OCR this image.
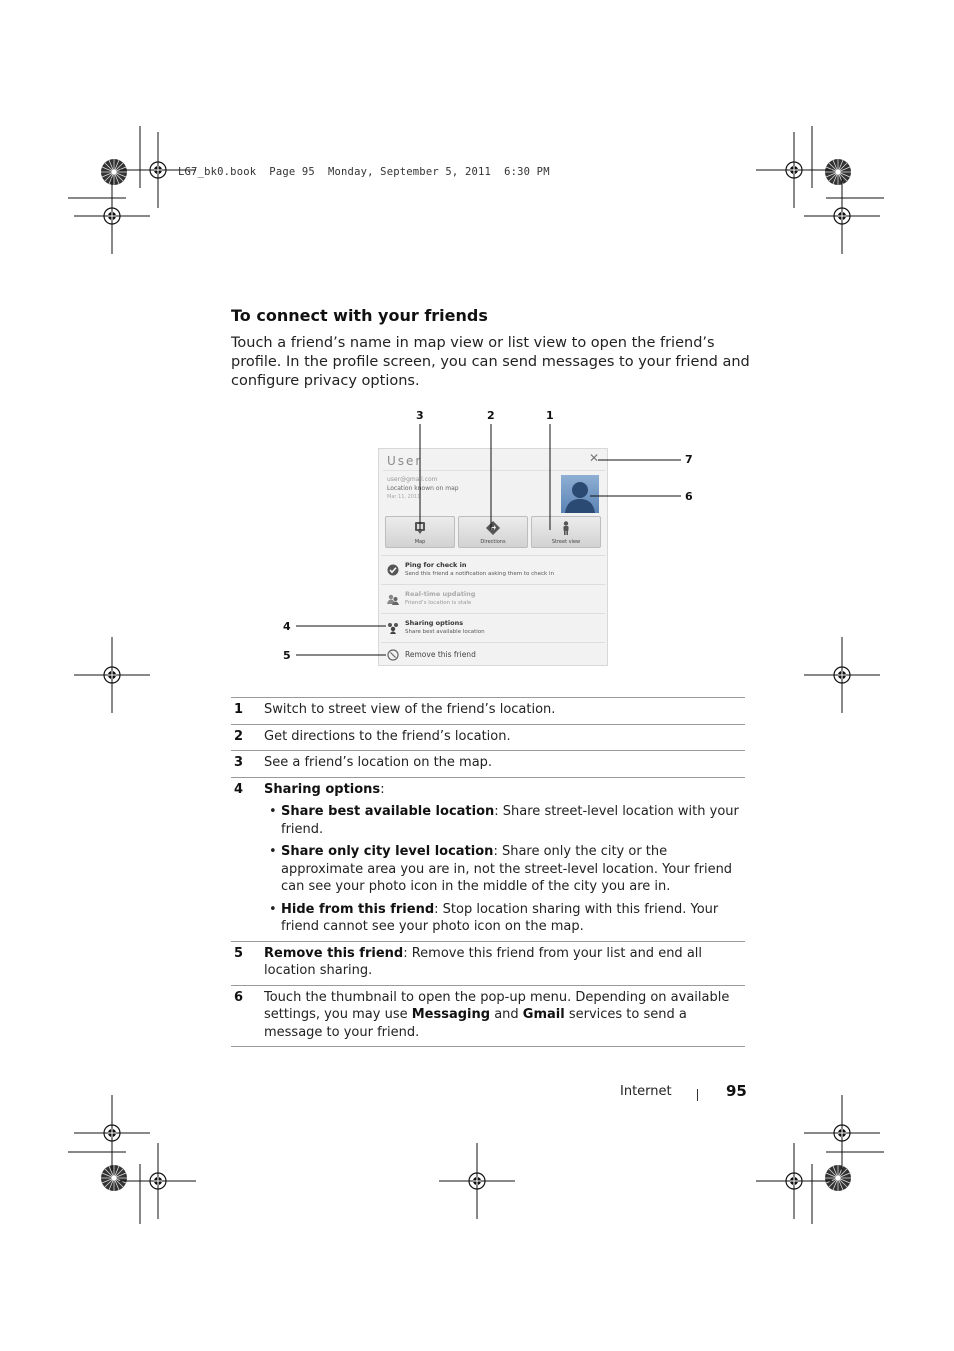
LG7_bk0.book  Page 95  Monday, September 5, 2011  6:30 PM
To connect with your friends
Touch a friend’s name in map view or list view to open the friend’s
profile. In the profile screen, you can send messages to your friend and
configure privacy options.
User	✕
user@gmail.com
Location known on map
Mar 11, 2011
Map	Directions	Street view
Ping for check in
Send this friend a notification asking them to check in
Real-time updating
Friend’s location is stale
Sharing options
Share best available location
Remove this friend
3	2	1
7
6
4
5
1 Switch to street view of the friend’s location.
2 Get directions to the friend’s location.
3 See a friend’s location on the map.
4 Sharing options:
• Share best available location: Share street-level location with your friend.
• Share only city level location: Share only the city or the approximate area you are in, not the street-level location. Your friend can see your photo icon in the middle of the city you are in.
• Hide from this friend: Stop location sharing with this friend. Your friend cannot see your photo icon on the map.
5 Remove this friend: Remove this friend from your list and end all location sharing.
6 Touch the thumbnail to open the pop-up menu. Depending on available settings, you may use Messaging and Gmail services to send a message to your friend.
Internet	95
